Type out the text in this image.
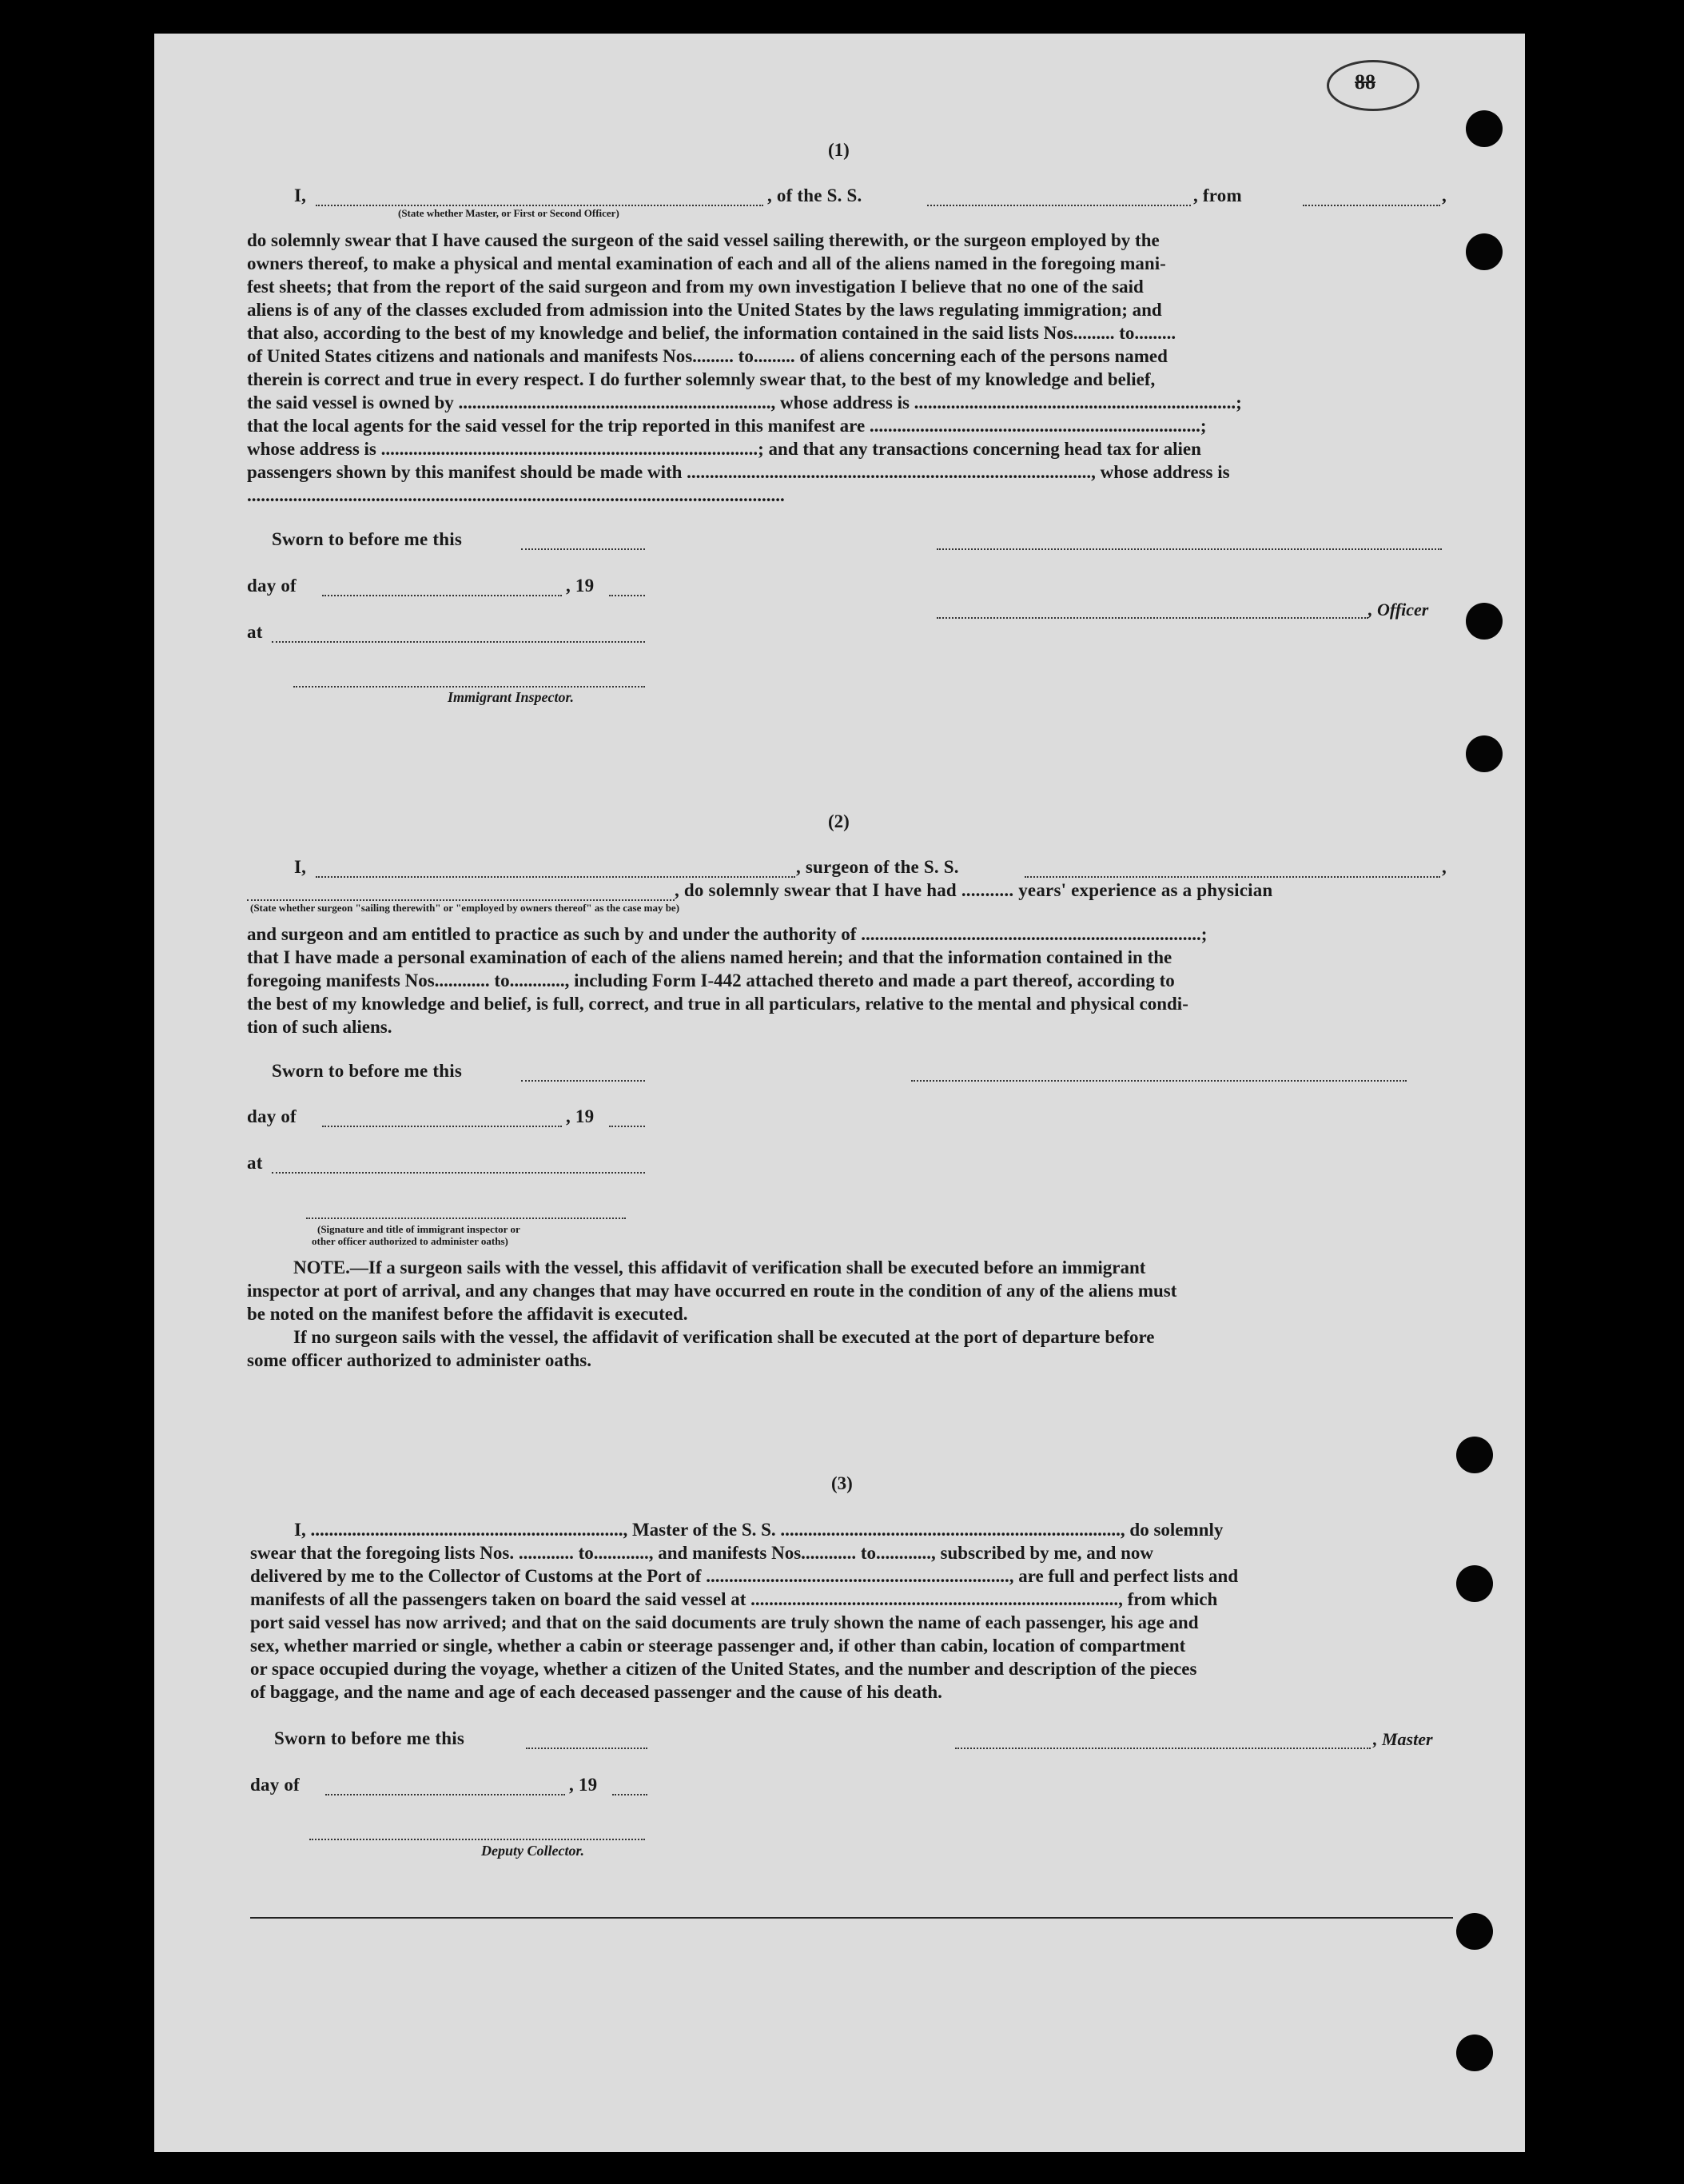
88
(1)
I,	, of the S. S.	, from	,
(State whether Master, or First or Second Officer)
do solemnly swear that I have caused the surgeon of the said vessel sailing therewith, or the surgeon employed by the
owners thereof, to make a physical and mental examination of each and all of the aliens named in the foregoing mani-
fest sheets; that from the report of the said surgeon and from my own investigation I believe that no one of the said
aliens is of any of the classes excluded from admission into the United States by the laws regulating immigration; and
that also, according to the best of my knowledge and belief, the information contained in the said lists Nos......... to.........
of United States citizens and nationals and manifests Nos......... to......... of aliens concerning each of the persons named
therein is correct and true in every respect. I do further solemnly swear that, to the best of my knowledge and belief,
the said vessel is owned by ...................................................................., whose address is ......................................................................;
that the local agents for the said vessel for the trip reported in this manifest are ........................................................................;
whose address is ..................................................................................; and that any transactions concerning head tax for alien
passengers shown by this manifest should be made with ........................................................................................, whose address is
.....................................................................................................................
Sworn to before me this
day of	, 19
, Officer
at
Immigrant Inspector.
(2)
I,	, surgeon of the S. S.	,
, do solemnly swear that I have had ........... years' experience as a physician
(State whether surgeon "sailing therewith" or "employed by owners thereof" as the case may be)
and surgeon and am entitled to practice as such by and under the authority of ..........................................................................;
that I have made a personal examination of each of the aliens named herein; and that the information contained in the
foregoing manifests Nos............ to............, including Form I-442 attached thereto and made a part thereof, according to
the best of my knowledge and belief, is full, correct, and true in all particulars, relative to the mental and physical condi-
tion of such aliens.
Sworn to before me this
day of	, 19
at
(Signature and title of immigrant inspector or
other officer authorized to administer oaths)
NOTE.—If a surgeon sails with the vessel, this affidavit of verification shall be executed before an immigrant
inspector at port of arrival, and any changes that may have occurred en route in the condition of any of the aliens must
be noted on the manifest before the affidavit is executed.
If no surgeon sails with the vessel, the affidavit of verification shall be executed at the port of departure before
some officer authorized to administer oaths.
(3)
I, ...................................................................., Master of the S. S. .........................................................................., do solemnly
swear that the foregoing lists Nos. ............ to............, and manifests Nos............ to............, subscribed by me, and now
delivered by me to the Collector of Customs at the Port of .................................................................., are full and perfect lists and
manifests of all the passengers taken on board the said vessel at ................................................................................, from which
port said vessel has now arrived; and that on the said documents are truly shown the name of each passenger, his age and
sex, whether married or single, whether a cabin or steerage passenger and, if other than cabin, location of compartment
or space occupied during the voyage, whether a citizen of the United States, and the number and description of the pieces
of baggage, and the name and age of each deceased passenger and the cause of his death.
Sworn to before me this	, Master
day of	, 19
Deputy Collector.
